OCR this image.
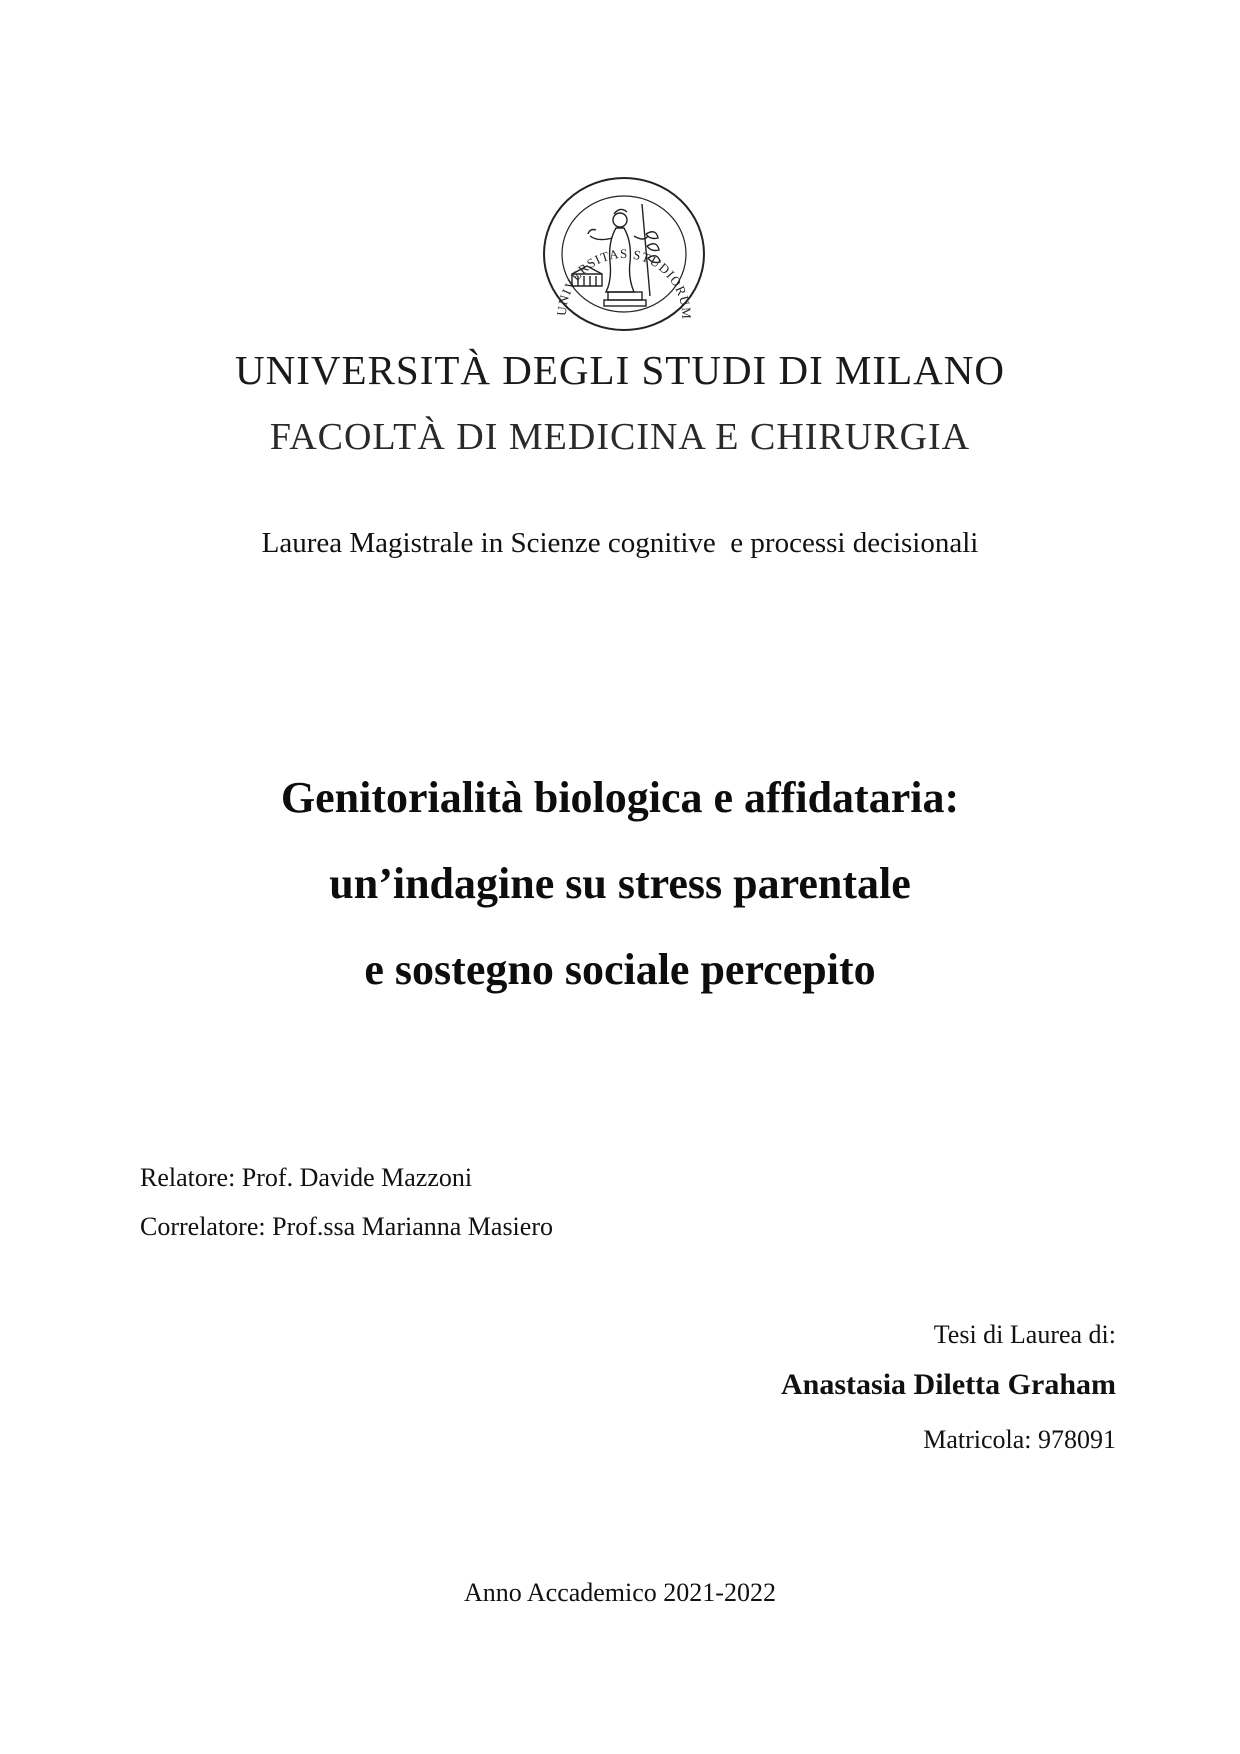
UNIVERSITAS STUDIORUM
UNIVERSITÀ DEGLI STUDI DI MILANO
FACOLTÀ DI MEDICINA E CHIRURGIA
Laurea Magistrale in Scienze cognitive  e processi decisionali
Genitorialità biologica e affidataria:
un’indagine su stress parentale
e sostegno sociale percepito
Relatore: Prof. Davide Mazzoni
Correlatore: Prof.ssa Marianna Masiero
Tesi di Laurea di:
Anastasia Diletta Graham
Matricola: 978091
Anno Accademico 2021-2022
